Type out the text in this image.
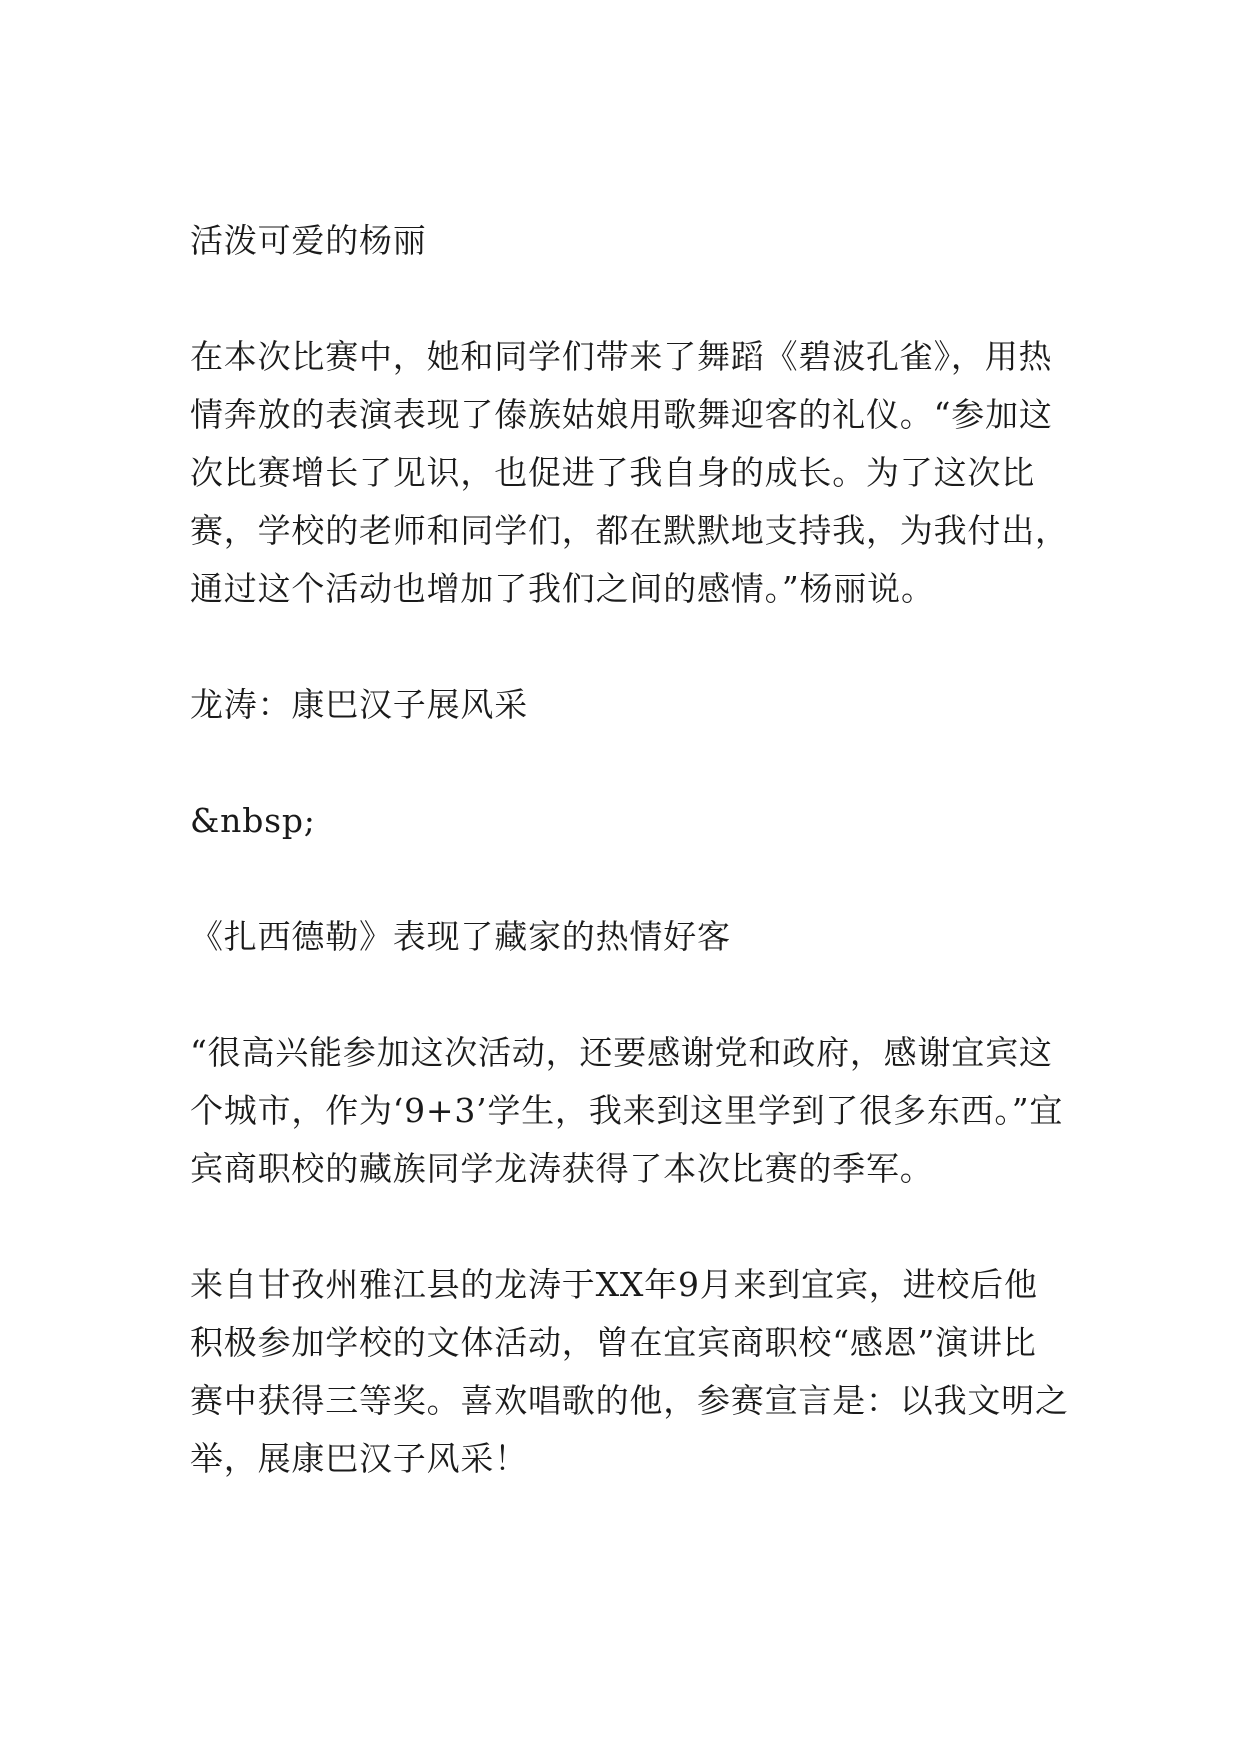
活泼可爱的杨丽

在本次比赛中，她和同学们带来了舞蹈《碧波孔雀》，用热情奔放的表演表现了傣族姑娘用歌舞迎客的礼仪。“参加这次比赛增长了见识，也促进了我自身的成长。为了这次比赛，学校的老师和同学们，都在默默地支持我，为我付出，通过这个活动也增加了我们之间的感情。”杨丽说。

龙涛：康巴汉子展风采

&nbsp;

《扎西德勒》表现了藏家的热情好客

“很高兴能参加这次活动，还要感谢党和政府，感谢宜宾这个城市，作为‘9+3’学生，我来到这里学到了很多东西。”宜宾商职校的藏族同学龙涛获得了本次比赛的季军。

来自甘孜州雅江县的龙涛于XX年9月来到宜宾，进校后他积极参加学校的文体活动，曾在宜宾商职校“感恩”演讲比赛中获得三等奖。喜欢唱歌的他，参赛宣言是：以我文明之举，展康巴汉子风采！
